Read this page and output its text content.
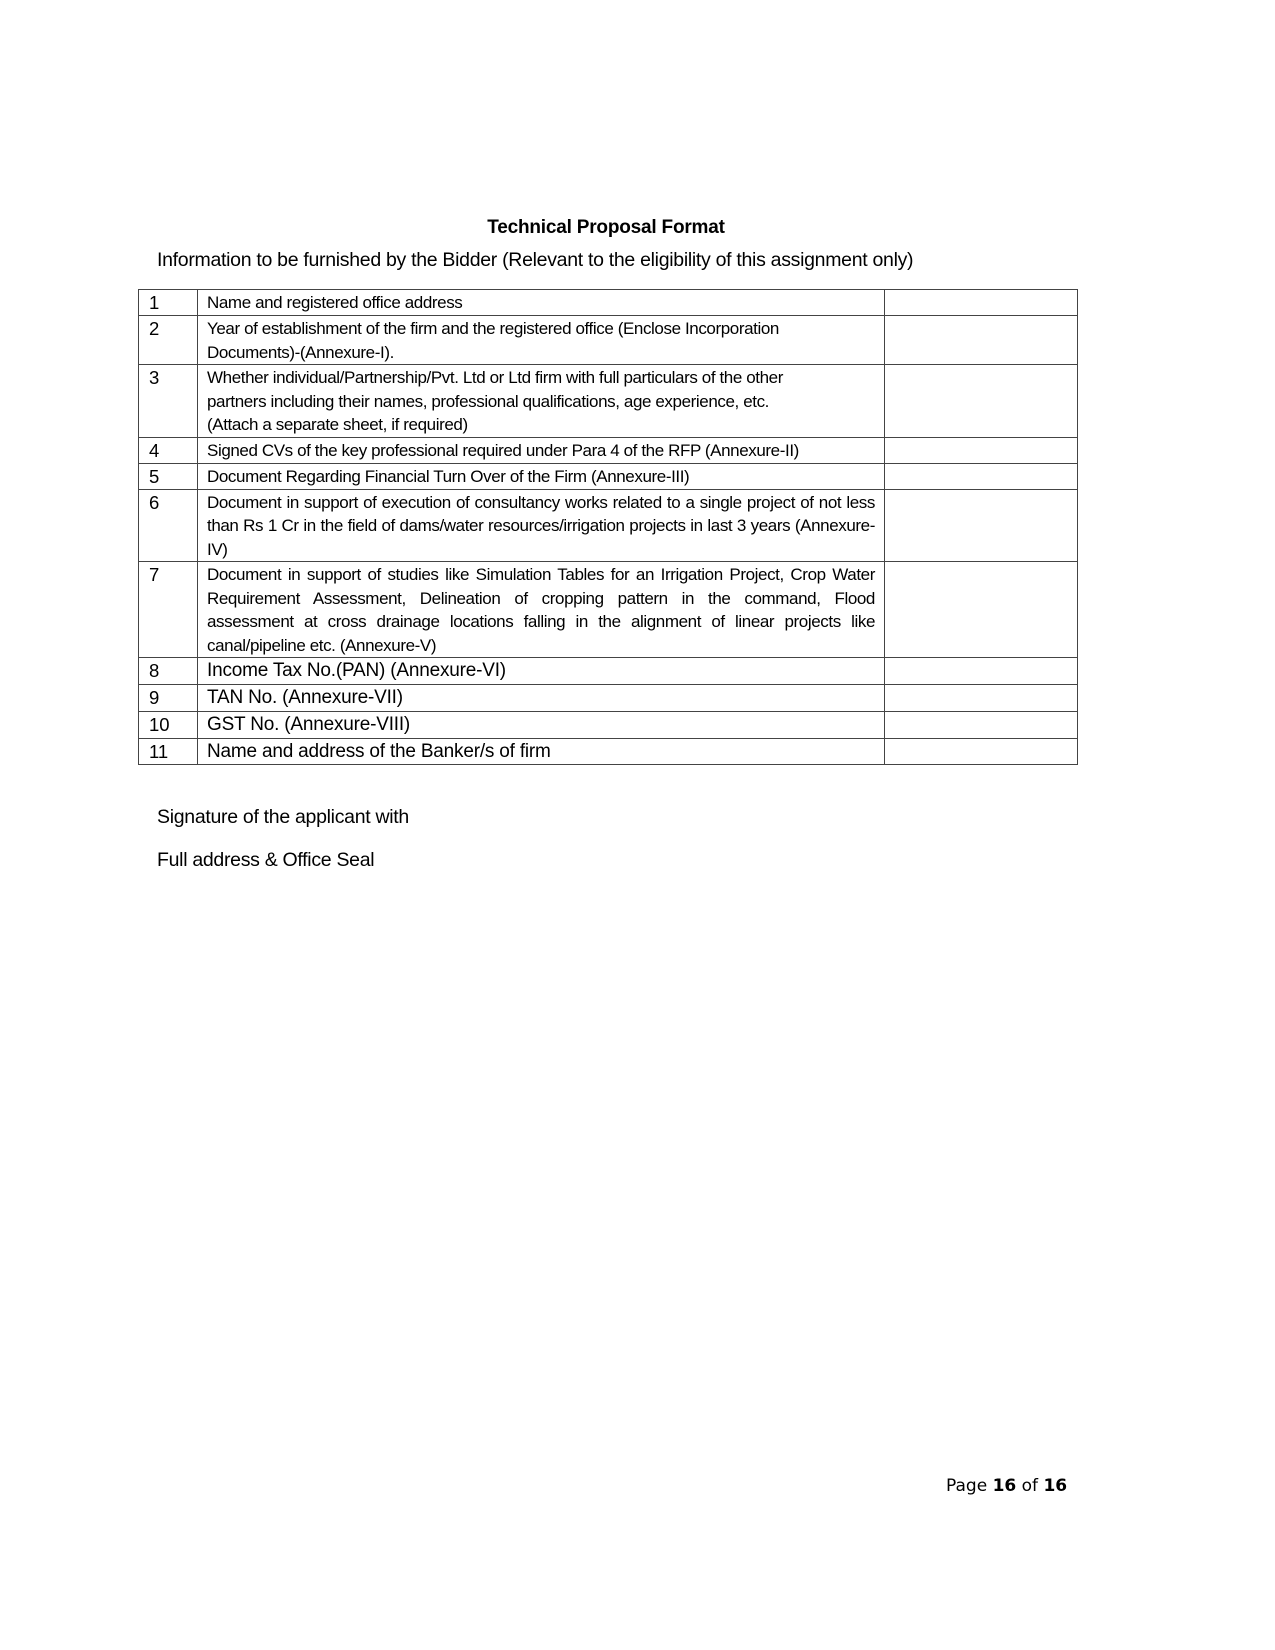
Technical Proposal Format
Information to be furnished by the Bidder (Relevant to the eligibility of this assignment only)
1	Name and registered office address	

2	Year of establishment of the firm and the registered office (Enclose Incorporation
Documents)-(Annexure-I).	

3	Whether individual/Partnership/Pvt. Ltd or Ltd firm with full particulars of the other
partners including their names, professional qualifications, age experience, etc.
(Attach a separate sheet, if required)	

4	Signed CVs of the key professional required under Para 4 of the RFP (Annexure-II)	

5	Document Regarding Financial Turn Over of the Firm (Annexure-III)	

6	Document in support of execution of consultancy works related to a single project of not less than Rs 1 Cr in the field of dams/water resources/irrigation projects in last 3 years (Annexure-IV)	
7	Document in support of studies like Simulation Tables for an Irrigation Project, Crop Water Requirement Assessment, Delineation of cropping pattern in the command, Flood assessment at cross drainage locations falling in the alignment of linear projects like canal/pipeline etc. (Annexure-V)	
8	Income Tax No.(PAN) (Annexure-VI)	

9	TAN No. (Annexure-VII)	

10	GST No. (Annexure-VIII)	

11	Name and address of the Banker/s of firm	

Signature of the applicant with
Full address & Office Seal
Page 16 of 16
